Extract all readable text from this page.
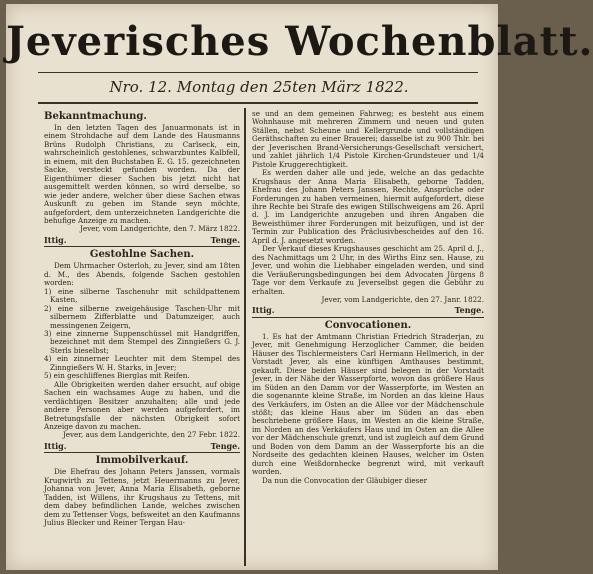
Jeverisches Wochenblatt.
Nro. 12. Montag den 25ten März 1822.
Bekanntmachung.

In den letzten Tagen des Januarmonats ist in einem Strohdache auf dem Lande des Hausmanns Brüns Rudolph Christians, zu Carlseck, ein, wahrscheinlich gestohlenes, schwarzbuntes Kalbfell, in einem, mit den Buchstaben E. G. 15. gezeichneten Sacke, versteckt gefunden worden. Da der Eigenthümer dieser Sachen bis jetzt nicht hat ausgemittelt werden können, so wird derselbe, so wie jeder andere, welcher über diese Sachen etwas Auskunft zu geben im Stande seyn möchte, aufgefordert, dem unterzeichneten Landgerichte die behufige Anzeige zu machen.

Jever, vom Landgerichte, den 7. März 1822.

Ittig.	Tenge.
Gestohlne Sachen.

Dem Uhrmacher Osterloh, zu Jever, sind am 18ten d. M., des Abends, folgende Sachen gestohlen worden:

1) eine silberne Taschenuhr mit schildpattenem Kasten,

2) eine silberne zweigehäusige Taschen-Uhr mit silbernem Zifferblatte und Datumzeiger, auch messingenen Zeigern,

3) eine zinnerne Suppenschüssel mit Handgriffen, bezeichnet mit dem Stempel des Zinngießers G. J. Sterls bieselbst;

4) ein zinnerner Leuchter mit dem Stempel des Zinngießers W. H. Starks, in Jever;

5) ein geschliffenes Bierglas mit Reifen.

Alle Obrigkeiten werden daher ersucht, auf obige Sachen ein wachsames Auge zu haben, und die verdächtigen Besitzer anzuhalten; alle und jede andere Personen aber werden aufgefordert, im Betretungsfalle der nächsten Obrigkeit sofort Anzeige davon zu machen.

Jever, aus dem Landgerichte, den 27 Febr. 1822.

Ittig.	Tenge.
Immobilverkauf.

Die Ehefrau des Johann Peters Janssen, vormals Krugwirth zu Tettens, jetzt Heuermanns zu Jever, Johanna von Jever, Anna Maria Elisabeth, geborne Tadden, ist Willens, ihr Krugshaus zu Tettens, mit dem dabey befindlichen Lande, welches zwischen dem zu Tettenser Vogs, befsweitet an den Kaufmanns Julius Blecker und Reiner Tergan Hau-

se und an dem gemeinen Fahrweg; es besteht aus einem Wohnhause mit mehreren Zimmern und neuen und guten Ställen, nebst Scheune und Kellergrunde und vollständigen Geräthschaften zu einer Brauerei; dasselbe ist zu 900 Thlr. bei der Jeverischen Brand-Versicherungs-Gesellschaft versichert, und zahlet jährlich 1/4 Pistole Kirchen-Grundsteuer und 1/4 Pistole Kruggerechtigkeit.

Es werden daher alle und jede, welche an das gedachte Krugshaus der Anna Maria Elisabeth, geborne Tadden, Ehefrau des Johann Peters Janssen, Rechte, Ansprüche oder Forderungen zu haben vermeinen, hiermit aufgefordert, diese ihre Rechte bei Strafe des ewigen Stillschweigens am 26. April d. J. im Landgerichte anzugeben und ihren Angaben die Beweisthümer ihrer Forderungen mit beizufügen, und ist der Termin zur Publication des Präclusivbescheides auf den 16. April d. J. angesetzt worden.

Der Verkauf dieses Krugshauses geschicht am 25. April d. J., des Nachmittags um 2 Uhr, in des Wirths Einz sen. Hause, zu Jever, und wohin die Liebhaber eingeladen werden, und sind die Veräußerungsbedingungen bei dem Advocaten Jürgens 8 Tage vor dem Verkaufe zu Jeverselbst gegen die Gebühr zu erhalten.

Jever, vom Landgerichte, den 27. Janr. 1822.

Ittig.	Tenge.
Convocationen.

1. Es hat der Amtmann Christian Friedrich Straderjan, zu Jever, mit Genehmigung Herzoglicher Cammer, die beiden Häuser des Tischlermeisters Carl Hermann Hellmerich, in der Vorstadt Jever, als eine künftigen Amthauses bestimmt, gekauft. Diese beiden Häuser sind belegen in der Vorstadt Jever, in der Nähe der Wasserpforte, wovon das größere Haus im Süden an den Damm vor der Wasserpforte, im Westen an die sogenannte kleine Straße, im Norden an das kleine Haus des Verkäufers, im Osten an die Allee vor der Mädchenschule stößt; das kleine Haus aber im Süden an das eben beschriebene größere Haus, im Westen an die kleine Straße, im Norden an des Verkäufers Haus und im Osten an die Allee vor der Mädchenschule grenzt, und ist zugleich auf dem Grund und Boden von dem Damm an der Wasserpforte bis an die Nordseite des gedachten kleinen Hauses, welcher im Osten durch eine Weißdornhecke begrenzt wird, mit verkauft worden.

Da nun die Convocation der Gläubiger dieser
